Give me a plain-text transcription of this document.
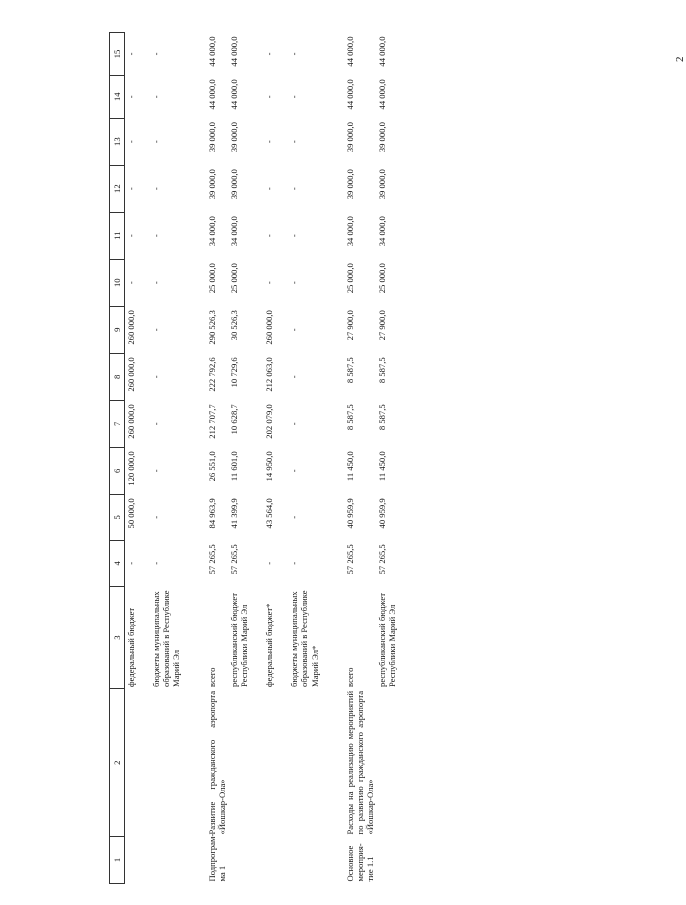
2
1	2	3	4	5	6	7	8	9	10	11	12	13	14	15
		федеральный бюджет	-	50 000,0	120 000,0	260 000,0	260 000,0	260 000,0	-	-	-	-	-	-
		бюджеты муниципальных образований в Республике Марий Эл	-	-	-	-	-	-	-	-	-	-	-	-
Подпрограм-ма 1	Развитие гражданского аэропорта «Йошкар-Ола»	всего	57 265,5	84 963,9	26 551,0	212 707,7	222 792,6	290 526,3	25 000,0	34 000,0	39 000,0	39 000,0	44 000,0	44 000,0
		республиканский бюджет Республики Марий Эл	57 265,5	41 399,9	11 601,0	10 628,7	10 729,6	30 526,3	25 000,0	34 000,0	39 000,0	39 000,0	44 000,0	44 000,0
		федеральный бюджет*	-	43 564,0	14 950,0	202 079,0	212 063,0	260 000,0	-	-	-	-	-	-
		бюджеты муниципальных образований в Республике Марий Эл*	-	-	-	-	-	-	-	-	-	-	-	-
Основное мероприя-тие 1.1	Расходы на реализацию мероприятий по развитию гражданского аэропорта «Йошкар-Ола»	всего	57 265,5	40 959,9	11 450,0	8 587,5	8 587,5	27 900,0	25 000,0	34 000,0	39 000,0	39 000,0	44 000,0	44 000,0
		республиканский бюджет Республики Марий Эл	57 265,5	40 959,9	11 450,0	8 587,5	8 587,5	27 900,0	25 000,0	34 000,0	39 000,0	39 000,0	44 000,0	44 000,0
